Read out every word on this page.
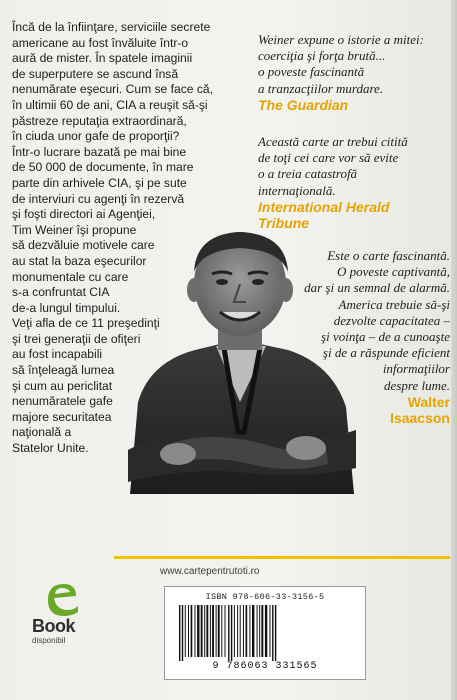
Încă de la înfiinţare, serviciile secrete
americane au fost învăluite într-o
aură de mister. În spatele imaginii
de superputere se ascund însă
nenumărate eşecuri. Cum se face că,
în ultimii 60 de ani, CIA a reuşit să-şi
păstreze reputaţia extraordinară,
în ciuda unor gafe de proporţii?
Într-o lucrare bazată pe mai bine
de 50 000 de documente, în mare
parte din arhivele CIA, şi pe sute
de interviuri cu agenţi în rezervă
şi foşti directori ai Agenţiei,
Tim Weiner îşi propune
să dezvăluie motivele care
au stat la baza eşecurilor
monumentale cu care
s-a confruntat CIA
de-a lungul timpului.
Veţi afla de ce 11 preşedinţi
şi trei generaţii de ofiţeri
au fost incapabili
să înţeleagă lumea
şi cum au periclitat
nenumăratele gafe
majore securitatea
naţională a
Statelor Unite.
Weiner expune o istorie a mitei:
coerciţia şi forţa brută...
o poveste fascinantă
a tranzacţiilor murdare.
The Guardian
Această carte ar trebui citită
de toţi cei care vor să evite
o a treia catastrofă
internaţională.
International Herald
Tribune
Este o carte fascinantă.
O poveste captivantă,
dar şi un semnal de alarmă.
America trebuie să-şi
dezvolte capacitatea –
şi voinţa – de a cunoaşte
şi de a răspunde eficient
informaţiilor
despre lume.
Walter
Isaacson
www.cartepentrutoti.ro
Book
disponibil
ISBN 978-606-33-3156-5
9 786063 331565
